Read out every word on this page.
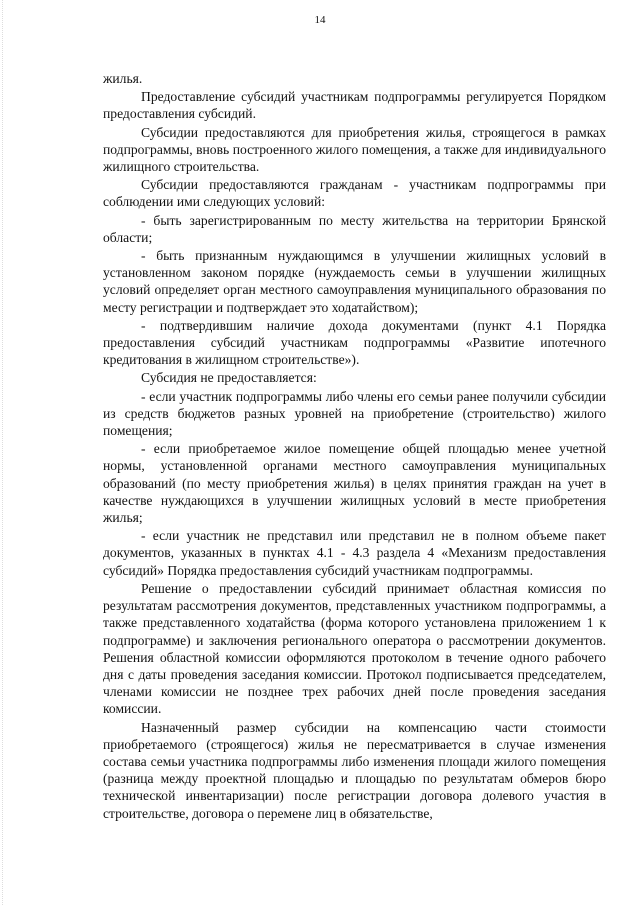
14

жилья.

Предоставление субсидий участникам подпрограммы регулируется Порядком предоставления субсидий.

Субсидии предоставляются для приобретения жилья, строящегося в рамках подпрограммы, вновь построенного жилого помещения, а также для индивидуального жилищного строительства.

Субсидии предоставляются гражданам - участникам подпрограммы при соблюдении ими следующих условий:

- быть зарегистрированным по месту жительства на территории Брянской области;

- быть признанным нуждающимся в улучшении жилищных условий в установленном законом порядке (нуждаемость семьи в улучшении жилищных условий определяет орган местного самоуправления муниципального образования по месту регистрации и подтверждает это ходатайством);

- подтвердившим наличие дохода документами (пункт 4.1 Порядка предоставления субсидий участникам подпрограммы «Развитие ипотечного кредитования в жилищном строительстве»).

Субсидия не предоставляется:

- если участник подпрограммы либо члены его семьи ранее получили субсидии из средств бюджетов разных уровней на приобретение (строительство) жилого помещения;

- если приобретаемое жилое помещение общей площадью менее учетной нормы, установленной органами местного самоуправления муниципальных образований (по месту приобретения жилья) в целях принятия граждан на учет в качестве нуждающихся в улучшении жилищных условий в месте приобретения жилья;

- если участник не представил или представил не в полном объеме пакет документов, указанных в пунктах 4.1 - 4.3 раздела 4 «Механизм предоставления субсидий» Порядка предоставления субсидий участникам подпрограммы.

Решение о предоставлении субсидий принимает областная комиссия по результатам рассмотрения документов, представленных участником подпрограммы, а также представленного ходатайства (форма которого установлена приложением 1 к подпрограмме) и заключения регионального оператора о рассмотрении документов. Решения областной комиссии оформляются протоколом в течение одного рабочего дня с даты проведения заседания комиссии. Протокол подписывается председателем, членами комиссии не позднее трех рабочих дней после проведения заседания комиссии.

Назначенный размер субсидии на компенсацию части стоимости приобретаемого (строящегося) жилья не пересматривается в случае изменения состава семьи участника подпрограммы либо изменения площади жилого помещения (разница между проектной площадью и площадью по результатам обмеров бюро технической инвентаризации) после регистрации договора долевого участия в строительстве, договора о перемене лиц в обязательстве,
